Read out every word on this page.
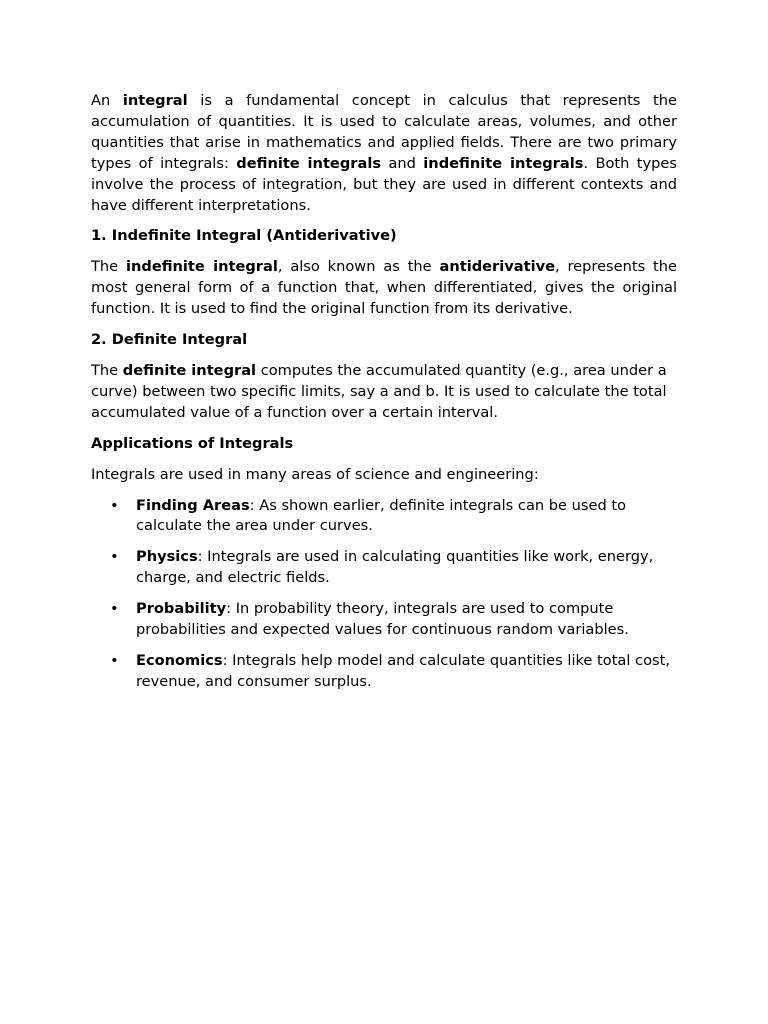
An integral is a fundamental concept in calculus that represents the accumulation of quantities. It is used to calculate areas, volumes, and other quantities that arise in mathematics and applied fields. There are two primary types of integrals: definite integrals and indefinite integrals. Both types involve the process of integration, but they are used in different contexts and have different interpretations.

1. Indefinite Integral (Antiderivative)

The indefinite integral, also known as the antiderivative, represents the most general form of a function that, when differentiated, gives the original function. It is used to find the original function from its derivative.

2. Definite Integral

The definite integral computes the accumulated quantity (e.g., area under a curve) between two specific limits, say a and b. It is used to calculate the total accumulated value of a function over a certain interval.

Applications of Integrals

Integrals are used in many areas of science and engineering:

• Finding Areas: As shown earlier, definite integrals can be used to calculate the area under curves.
• Physics: Integrals are used in calculating quantities like work, energy, charge, and electric fields.
• Probability: In probability theory, integrals are used to compute probabilities and expected values for continuous random variables.
• Economics: Integrals help model and calculate quantities like total cost, revenue, and consumer surplus.
